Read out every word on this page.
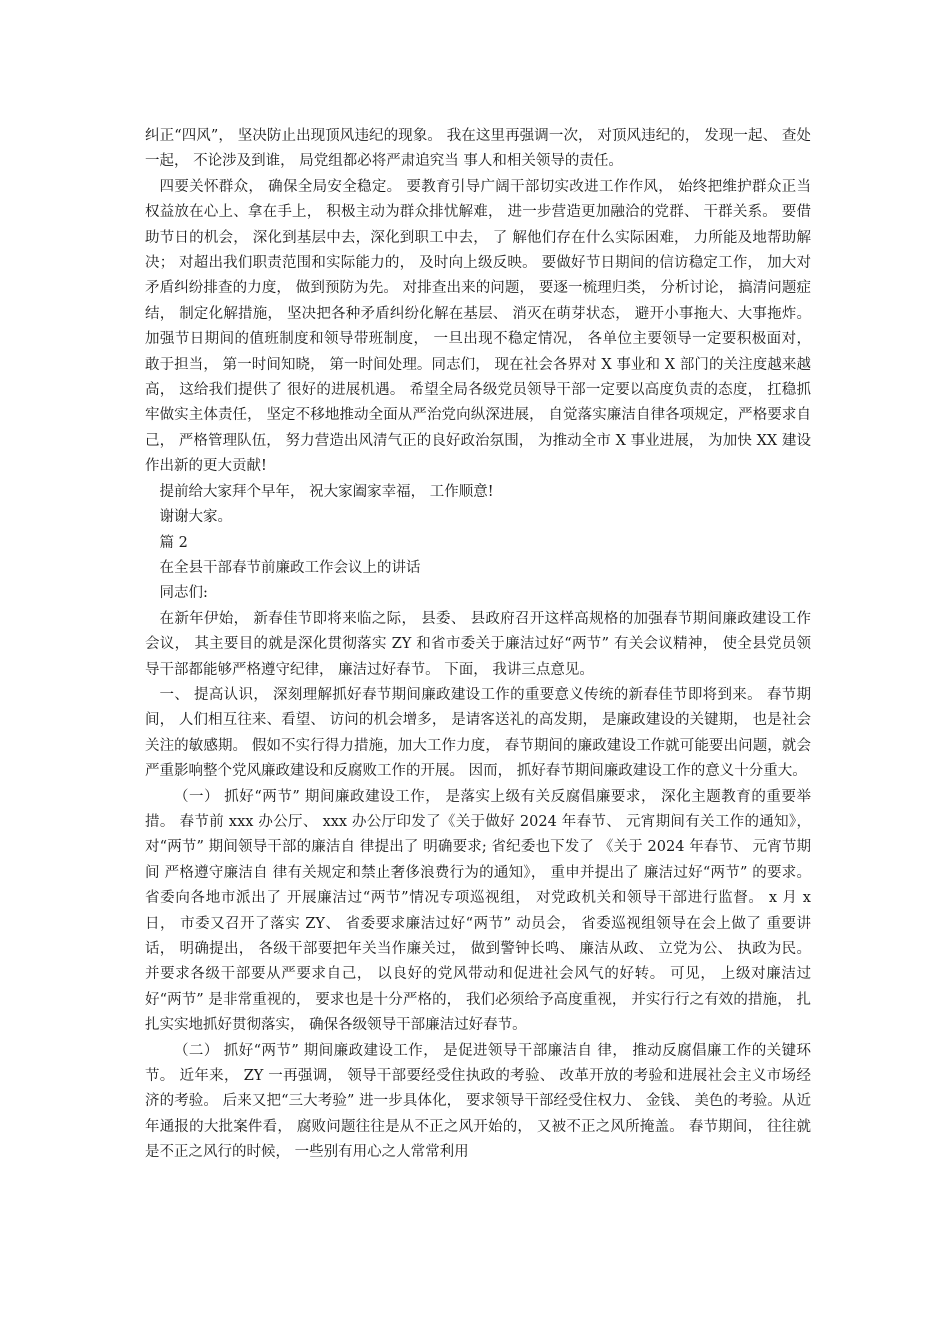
纠正“四风”， 坚决防止出现顶风违纪的现象。 我在这里再强调一次， 对顶风违纪的， 发现一起、 查处一起， 不论涉及到谁， 局党组都必将严肃追究当 事人和相关领导的责任。

四要关怀群众， 确保全局安全稳定。 要教育引导广阔干部切实改进工作作风， 始终把维护群众正当权益放在心上、拿在手上， 积极主动为群众排忧解难， 进一步营造更加融洽的党群、 干群关系。 要借助节日的机会， 深化到基层中去，深化到职工中去， 了 解他们存在什么实际困难， 力所能及地帮助解决； 对超出我们职责范围和实际能力的， 及时向上级反映。 要做好节日期间的信访稳定工作， 加大对矛盾纠纷排查的力度， 做到预防为先。 对排查出来的问题， 要逐一梳理归类， 分析讨论， 搞清问题症结， 制定化解措施， 坚决把各种矛盾纠纷化解在基层、 消灭在萌芽状态， 避开小事拖大、大事拖炸。 加强节日期间的值班制度和领导带班制度， 一旦出现不稳定情况， 各单位主要领导一定要积极面对， 敢于担当， 第一时间知晓， 第一时间处理。同志们， 现在社会各界对 X 事业和 X 部门的关注度越来越高， 这给我们提供了 很好的进展机遇。 希望全局各级党员领导干部一定要以高度负责的态度， 扛稳抓牢做实主体责任， 坚定不移地推动全面从严治党向纵深进展， 自觉落实廉洁自律各项规定，严格要求自己， 严格管理队伍， 努力营造出风清气正的良好政治氛围， 为推动全市 X 事业进展， 为加快 XX 建设作出新的更大贡献!

提前给大家拜个早年， 祝大家阖家幸福， 工作顺意!

谢谢大家。

篇 2

在全县干部春节前廉政工作会议上的讲话

同志们:

在新年伊始， 新春佳节即将来临之际， 县委、 县政府召开这样高规格的加强春节期间廉政建设工作会议， 其主要目的就是深化贯彻落实 ZY 和省市委关于廉洁过好“两节” 有关会议精神， 使全县党员领导干部都能够严格遵守纪律， 廉洁过好春节。 下面， 我讲三点意见。

一、 提高认识， 深刻理解抓好春节期间廉政建设工作的重要意义传统的新春佳节即将到来。 春节期间， 人们相互往来、看望、 访问的机会增多， 是请客送礼的高发期， 是廉政建设的关键期， 也是社会关注的敏感期。 假如不实行得力措施，加大工作力度， 春节期间的廉政建设工作就可能要出问题，就会严重影响整个党风廉政建设和反腐败工作的开展。 因而， 抓好春节期间廉政建设工作的意义十分重大。

（一） 抓好“两节” 期间廉政建设工作， 是落实上级有关反腐倡廉要求， 深化主题教育的重要举措。 春节前 xxx 办公厅、 xxx 办公厅印发了《关于做好 2024 年春节、 元宵期间有关工作的通知》， 对“两节” 期间领导干部的廉洁自 律提出了 明确要求; 省纪委也下发了 《关于 2024 年春节、 元宵节期间 严格遵守廉洁自 律有关规定和禁止奢侈浪费行为的通知》， 重申并提出了 廉洁过好“两节” 的要求。 省委向各地市派出了 开展廉洁过“两节”情况专项巡视组， 对党政机关和领导干部进行监督。 x 月 x 日， 市委又召开了落实 ZY、 省委要求廉洁过好“两节” 动员会， 省委巡视组领导在会上做了 重要讲话， 明确提出， 各级干部要把年关当作廉关过， 做到警钟长鸣、 廉洁从政、 立党为公、 执政为民。 并要求各级干部要从严要求自己， 以良好的党风带动和促进社会风气的好转。 可见， 上级对廉洁过好“两节” 是非常重视的， 要求也是十分严格的， 我们必须给予高度重视， 并实行行之有效的措施， 扎扎实实地抓好贯彻落实， 确保各级领导干部廉洁过好春节。

（二） 抓好“两节” 期间廉政建设工作， 是促进领导干部廉洁自 律， 推动反腐倡廉工作的关键环节。 近年来， ZY 一再强调， 领导干部要经受住执政的考验、 改革开放的考验和进展社会主义市场经济的考验。 后来又把“三大考验” 进一步具体化， 要求领导干部经受住权力、 金钱、 美色的考验。从近年通报的大批案件看， 腐败问题往往是从不正之风开始的， 又被不正之风所掩盖。 春节期间， 往往就是不正之风行的时候， 一些别有用心之人常常利用
